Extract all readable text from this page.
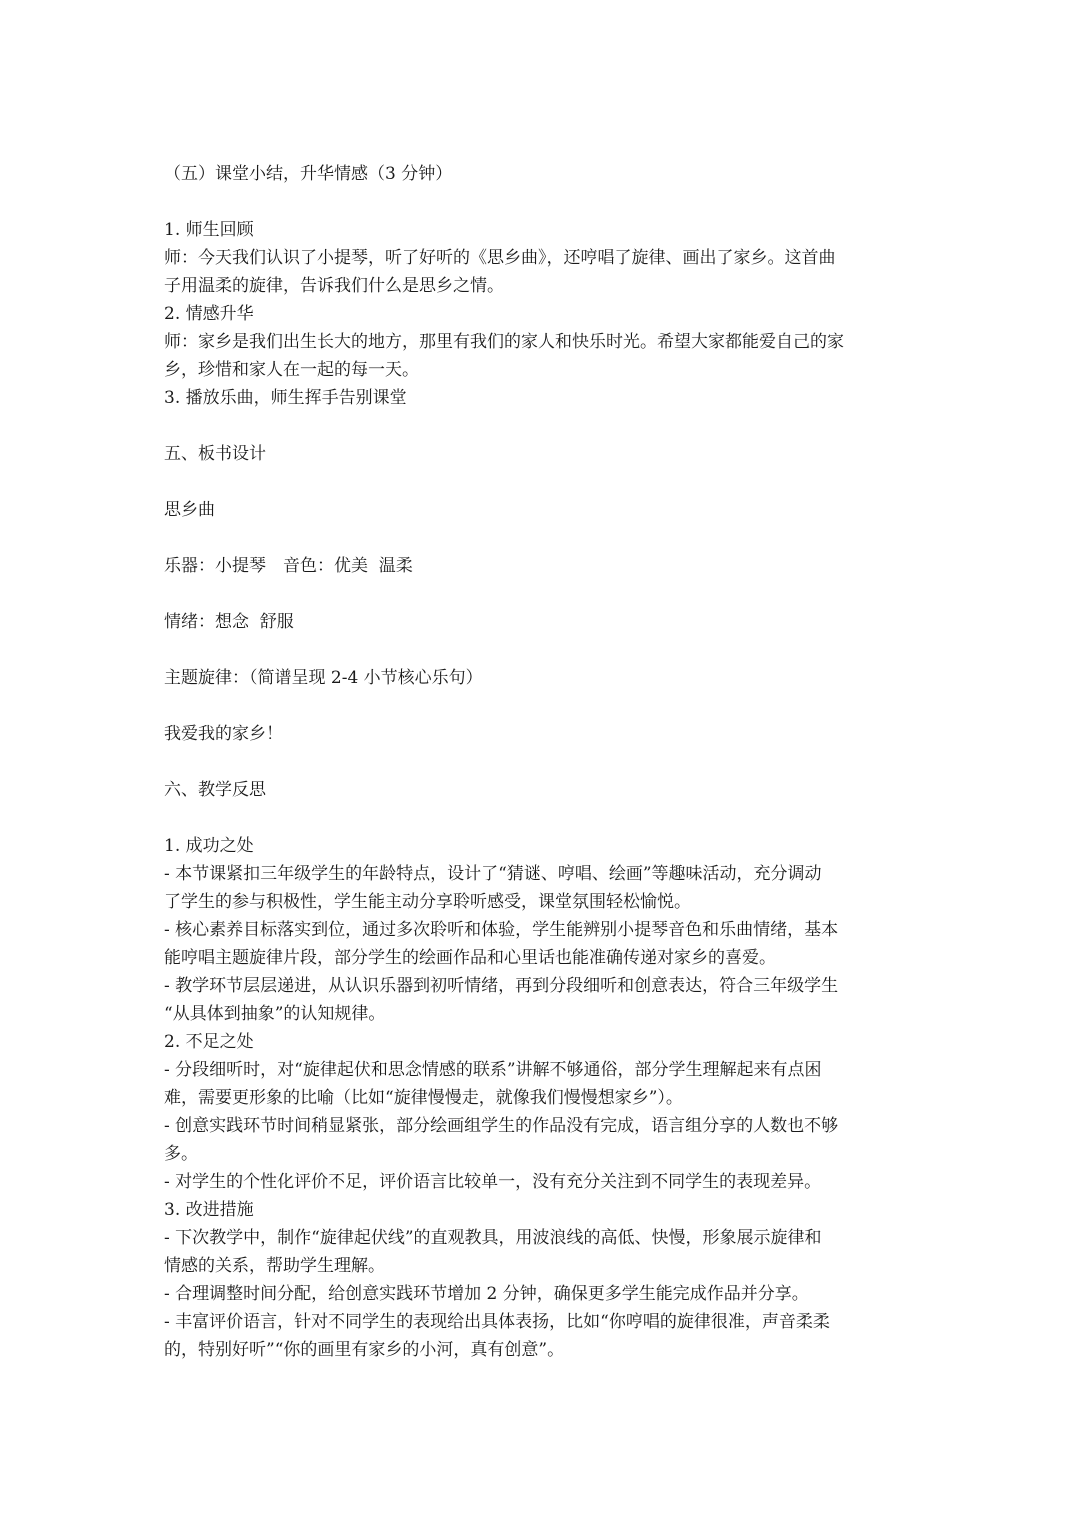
（五）课堂小结，升华情感（3 分钟）

1. 师生回顾

师：今天我们认识了小提琴，听了好听的《思乡曲》，还哼唱了旋律、画出了家乡。这首曲

子用温柔的旋律，告诉我们什么是思乡之情。

2. 情感升华

师：家乡是我们出生长大的地方，那里有我们的家人和快乐时光。希望大家都能爱自己的家

乡，珍惜和家人在一起的每一天。

3. 播放乐曲，师生挥手告别课堂

五、板书设计

思乡曲

乐器：小提琴　音色：优美  温柔

情绪：想念  舒服

主题旋律：（简谱呈现 2-4 小节核心乐句）

我爱我的家乡！

六、教学反思

1. 成功之处

- 本节课紧扣三年级学生的年龄特点，设计了“猜谜、哼唱、绘画”等趣味活动，充分调动

了学生的参与积极性，学生能主动分享聆听感受，课堂氛围轻松愉悦。

- 核心素养目标落实到位，通过多次聆听和体验，学生能辨别小提琴音色和乐曲情绪，基本

能哼唱主题旋律片段，部分学生的绘画作品和心里话也能准确传递对家乡的喜爱。

- 教学环节层层递进，从认识乐器到初听情绪，再到分段细听和创意表达，符合三年级学生

“从具体到抽象”的认知规律。

2. 不足之处

- 分段细听时，对“旋律起伏和思念情感的联系”讲解不够通俗，部分学生理解起来有点困

难，需要更形象的比喻（比如“旋律慢慢走，就像我们慢慢想家乡”）。

- 创意实践环节时间稍显紧张，部分绘画组学生的作品没有完成，语言组分享的人数也不够

多。

- 对学生的个性化评价不足，评价语言比较单一，没有充分关注到不同学生的表现差异。

3. 改进措施

- 下次教学中，制作“旋律起伏线”的直观教具，用波浪线的高低、快慢，形象展示旋律和

情感的关系，帮助学生理解。

- 合理调整时间分配，给创意实践环节增加 2 分钟，确保更多学生能完成作品并分享。

- 丰富评价语言，针对不同学生的表现给出具体表扬，比如“你哼唱的旋律很准，声音柔柔

的，特别好听”“你的画里有家乡的小河，真有创意”。
